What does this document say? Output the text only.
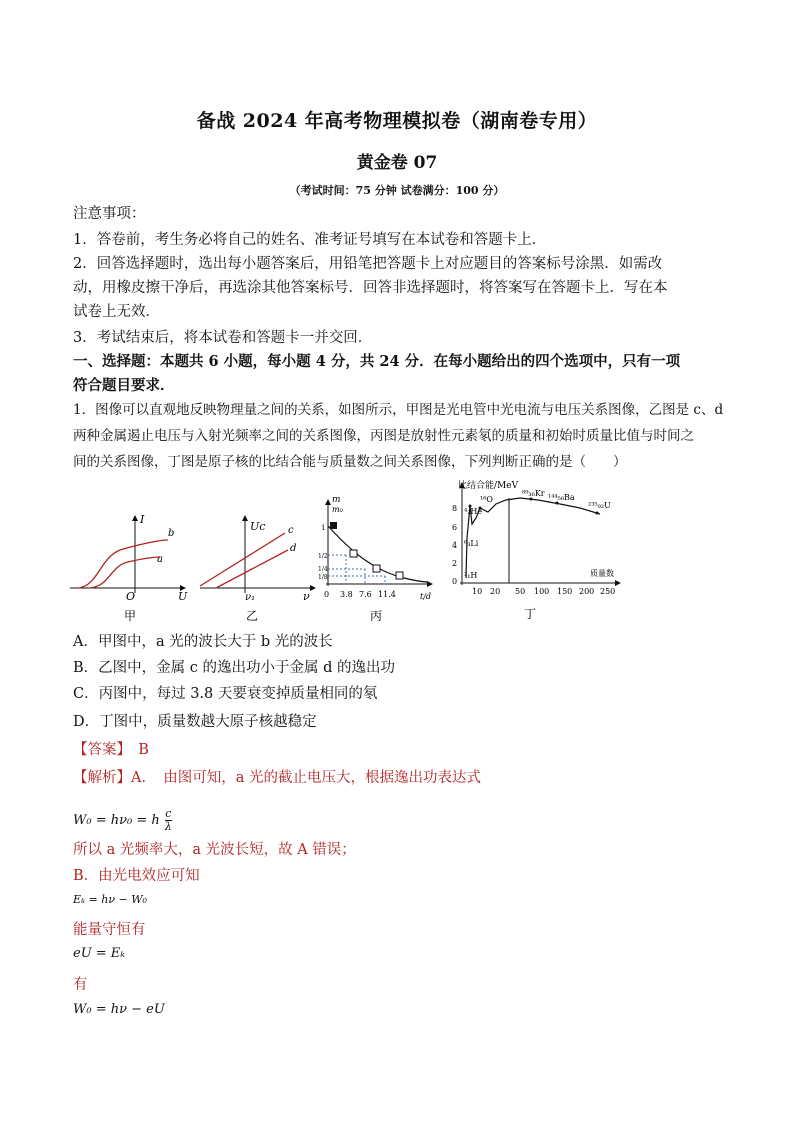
备战 2024 年高考物理模拟卷（湖南卷专用）
黄金卷 07
（考试时间：75 分钟 试卷满分：100 分）
注意事项：
1．答卷前，考生务必将自己的姓名、准考证号填写在本试卷和答题卡上．
2．回答选择题时，选出每小题答案后，用铅笔把答题卡上对应题目的答案标号涂黑．如需改
动，用橡皮擦干净后，再选涂其他答案标号．回答非选择题时，将答案写在答题卡上．写在本
试卷上无效．
3．考试结束后，将本试卷和答题卡一并交回．
一、选择题：本题共 6 小题，每小题 4 分，共 24 分．在每小题给出的四个选项中，只有一项
符合题目要求．
1．图像可以直观地反映物理量之间的关系，如图所示，甲图是光电管中光电流与电压关系图像，乙图是 c、d
两种金属遏止电压与入射光频率之间的关系图像，丙图是放射性元素氡的质量和初始时质量比值与时间之
间的关系图像，丁图是原子核的比结合能与质量数之间关系图像，下列判断正确的是（　　）
I
U
O
b
a
甲
Uc
ν
ν₁
c
d
乙
m
m₀
1
1/2
1/4
1/8
0 3.8 7.6 11.4	t/d
丙
比结合能/MeV
8
6
4
2
0
10 20 50 100 150 200 250
质量数
⁴₂He
¹⁶O
⁶₃Li
²₁H
⁸⁹₃₆Kr ¹⁴⁴₅₆Ba
²³⁵₉₂U
丁
A．甲图中，a 光的波长大于 b 光的波长
B．乙图中，金属 c 的逸出功小于金属 d 的逸出功
C．丙图中，每过 3.8 天要衰变掉质量相同的氡
D．丁图中，质量数越大原子核越稳定
【答案】　B
【解析】A．　由图可知，a 光的截止电压大，根据逸出功表达式
W₀ = hν₀ = h $\frac{c}{\lambda}$
所以 a 光频率大，a 光波长短，故 A 错误；
B．由光电效应可知
Eₖ = hν − W₀
能量守恒有
eU = Eₖ
有
W₀ = hν − eU
